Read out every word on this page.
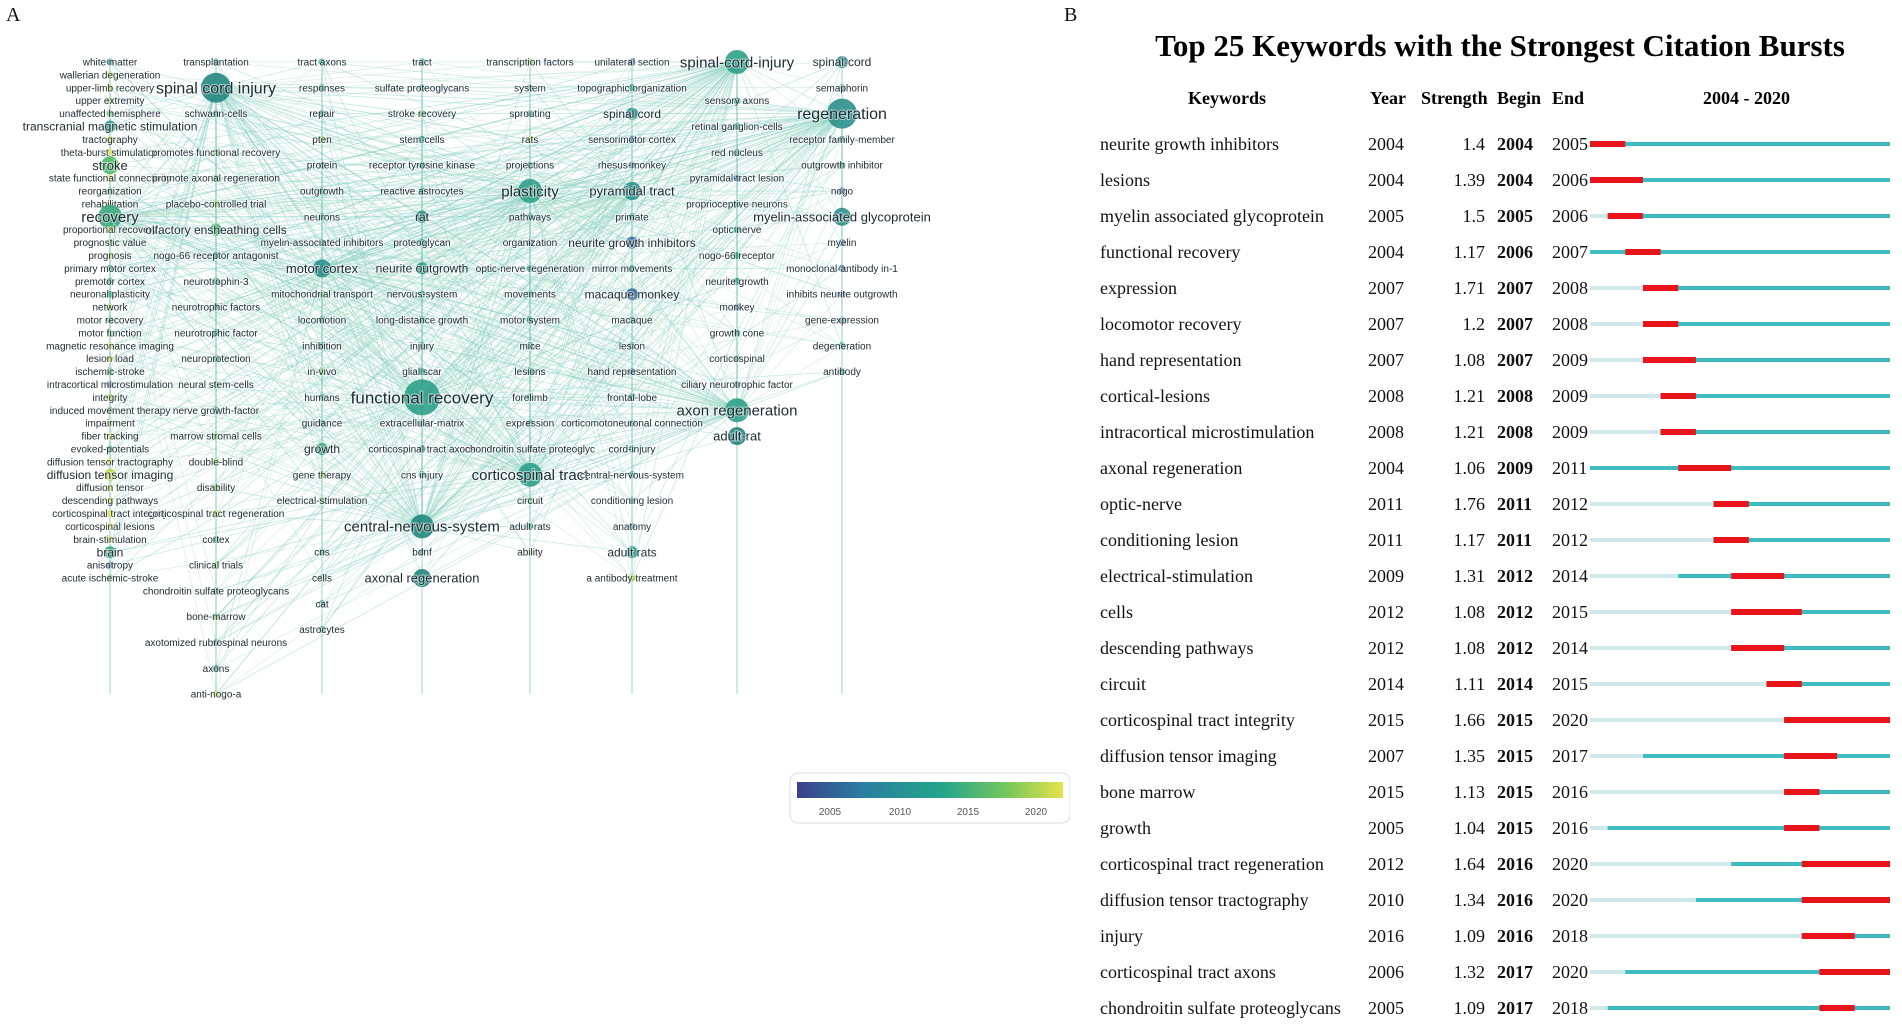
A	B
white matter
wallerian degeneration
upper-limb recovery
upper extremity
unaffected hemisphere
transcranial magnetic stimulation
tractography
theta-burst stimulation
stroke
state functional connectivity
reorganization
recovery
proportional recovery
prognostic value
prognosis
primary motor cortex
premotor cortex
neuronal plasticity
network
motor recovery
motor function
magnetic resonance imaging
lesion load
ischemic-stroke
intracortical microstimulation
integrity
induced movement therapy
impairment
fiber tracking
evoked-potentials
diffusion tensor tractography
diffusion tensor imaging
diffusion tensor
descending pathways
corticospinal tract integrity
corticospinal lesions
brain-stimulation
brain
anisotropy
acute ischemic-stroke
transplantation
spinal cord injury
schwann-cells
promotes functional recovery
promote axonal regeneration
placebo-controlled trial
olfactory ensheathing cells
nogo-66 receptor antagonist
neurotrophin-3
neurotrophic factors
neurotrophic factor
neuroprotection
neural stem-cells
nerve growth-factor
marrow stromal cells
double-blind
disability
corticospinal tract regeneration
cortex
clinical trials
chondroitin sulfate proteoglycans
bone-marrow
axotomized rubrospinal neurons
axons
anti-nogo-a
tract axons
responses
repair
pten
protein
outgrowth
neurons
myelin-associated inhibitors
motor cortex
mitochondrial transport
locomotion
inhibition
in-vivo
humans
guidance
growth
gene therapy
electrical-stimulation
cns
cells
cat
astrocytes
tract
sulfate proteoglycans
stroke recovery
stem-cells
receptor tyrosine kinase
reactive astrocytes
rat
proteoglycan
neurite outgrowth
nervous-system
long-distance growth
injury
glial scar
functional recovery
extracellular-matrix
corticospinal tract axons
cns injury
central-nervous-system
bdnf
axonal regeneration
transcription factors
system
sprouting
rats
projections
plasticity
pathways
organization
optic-nerve regeneration
movements
motor system
mice
lesions
forelimb
expression
chondroitin sulfate proteoglyc
corticospinal tract
circuit
adult rats
ability
unilateral section
topographic organization
spinal cord
sensorimotor cortex
rhesus-monkey
pyramidal tract
primate
neurite growth inhibitors
mirror movements
macaque monkey
macaque
lesion
hand representation
frontal-lobe
corticomotoneuronal connection
cord-injury
central-nervous-system
conditioning lesion
anatomy
adult rats
a antibody treatment
spinal-cord-injury
sensory axons
retinal ganglion-cells
red nucleus
pyramidal tract lesion
proprioceptive neurons
optic nerve
nogo-66 receptor
neurite growth
monkey
growth cone
corticospinal
ciliary neurotrophic factor
axon regeneration
adult-rat
spinal-cord
semaphorin
regeneration
receptor family-member
outgrowth inhibitor
nogo
myelin-associated glycoprotein
myelin
monoclonal-antibody in-1
inhibits neurite outgrowth
gene-expression
degeneration
antibody
2005	2010	2015	2020
Top 25 Keywords with the Strongest Citation Bursts
Keywords	Year Strength Begin End	2004 - 2020
neurite growth inhibitors	2004	1.4 2004 2005
lesions	2004	1.39 2004 2006
myelin associated glycoprotein 2005	1.5 2005 2006
functional recovery	2004	1.17 2006 2007
expression	2007	1.71 2007 2008
locomotor recovery	2007	1.2 2007 2008
hand representation	2007	1.08 2007 2009
cortical-lesions	2008	1.21 2008 2009
intracortical microstimulation	2008	1.21 2008 2009
axonal regeneration	2004	1.06 2009 2011
optic-nerve	2011	1.76 2011 2012
conditioning lesion	2011	1.17 2011 2012
electrical-stimulation	2009	1.31 2012 2014
cells	2012	1.08 2012 2015
descending pathways	2012	1.08 2012 2014
circuit	2014	1.11 2014 2015
corticospinal tract integrity	2015	1.66 2015 2020
diffusion tensor imaging	2007	1.35 2015 2017
bone marrow	2015	1.13 2015 2016
growth	2005	1.04 2015 2016
corticospinal tract regeneration 2012	1.64 2016 2020
diffusion tensor tractography	2010	1.34 2016 2020
injury	2016	1.09 2016 2018
corticospinal tract axons	2006	1.32 2017 2020
chondroitin sulfate proteoglycans 2005	1.09 2017 2018
